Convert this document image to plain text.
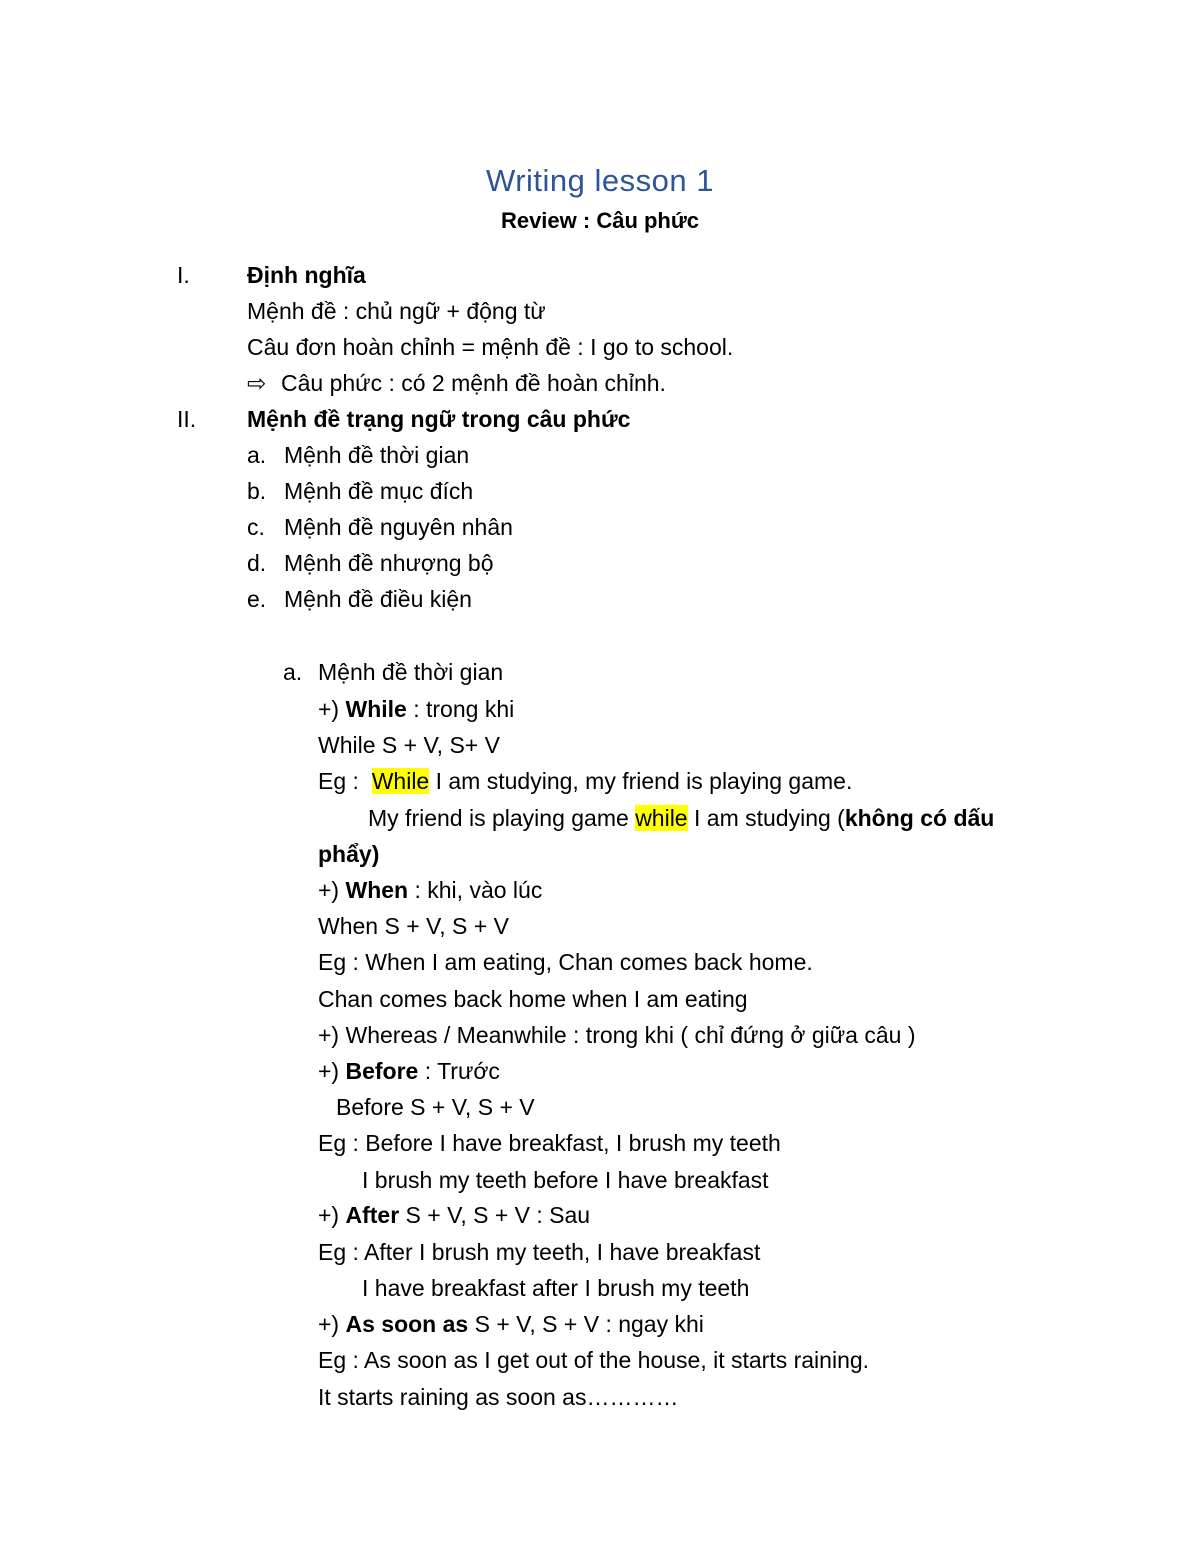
Writing lesson 1
Review : Câu phức
I. Định nghĩa
Mệnh đề : chủ ngữ + động từ
Câu đơn hoàn chỉnh = mệnh đề : I go to school.
⇨ Câu phức : có 2 mệnh đề hoàn chỉnh.
II. Mệnh đề trạng ngữ trong câu phức
a. Mệnh đề thời gian
b. Mệnh đề mục đích
c. Mệnh đề nguyên nhân
d. Mệnh đề nhượng bộ
e. Mệnh đề điều kiện
a. Mệnh đề thời gian
+) While : trong khi
While S + V, S+ V
Eg :  While I am studying, my friend is playing game.
My friend is playing game while I am studying (không có dấu
phẩy)
+) When : khi, vào lúc
When S + V, S + V
Eg : When I am eating, Chan comes back home.
Chan comes back home when I am eating
+) Whereas / Meanwhile : trong khi ( chỉ đứng ở giữa câu )
+) Before : Trước
Before S + V, S + V
Eg : Before I have breakfast, I brush my teeth
I brush my teeth before I have breakfast
+) After S + V, S + V : Sau
Eg : After I brush my teeth, I have breakfast
I have breakfast after I brush my teeth
+) As soon as S + V, S + V : ngay khi
Eg : As soon as I get out of the house, it starts raining.
It starts raining as soon as…………
